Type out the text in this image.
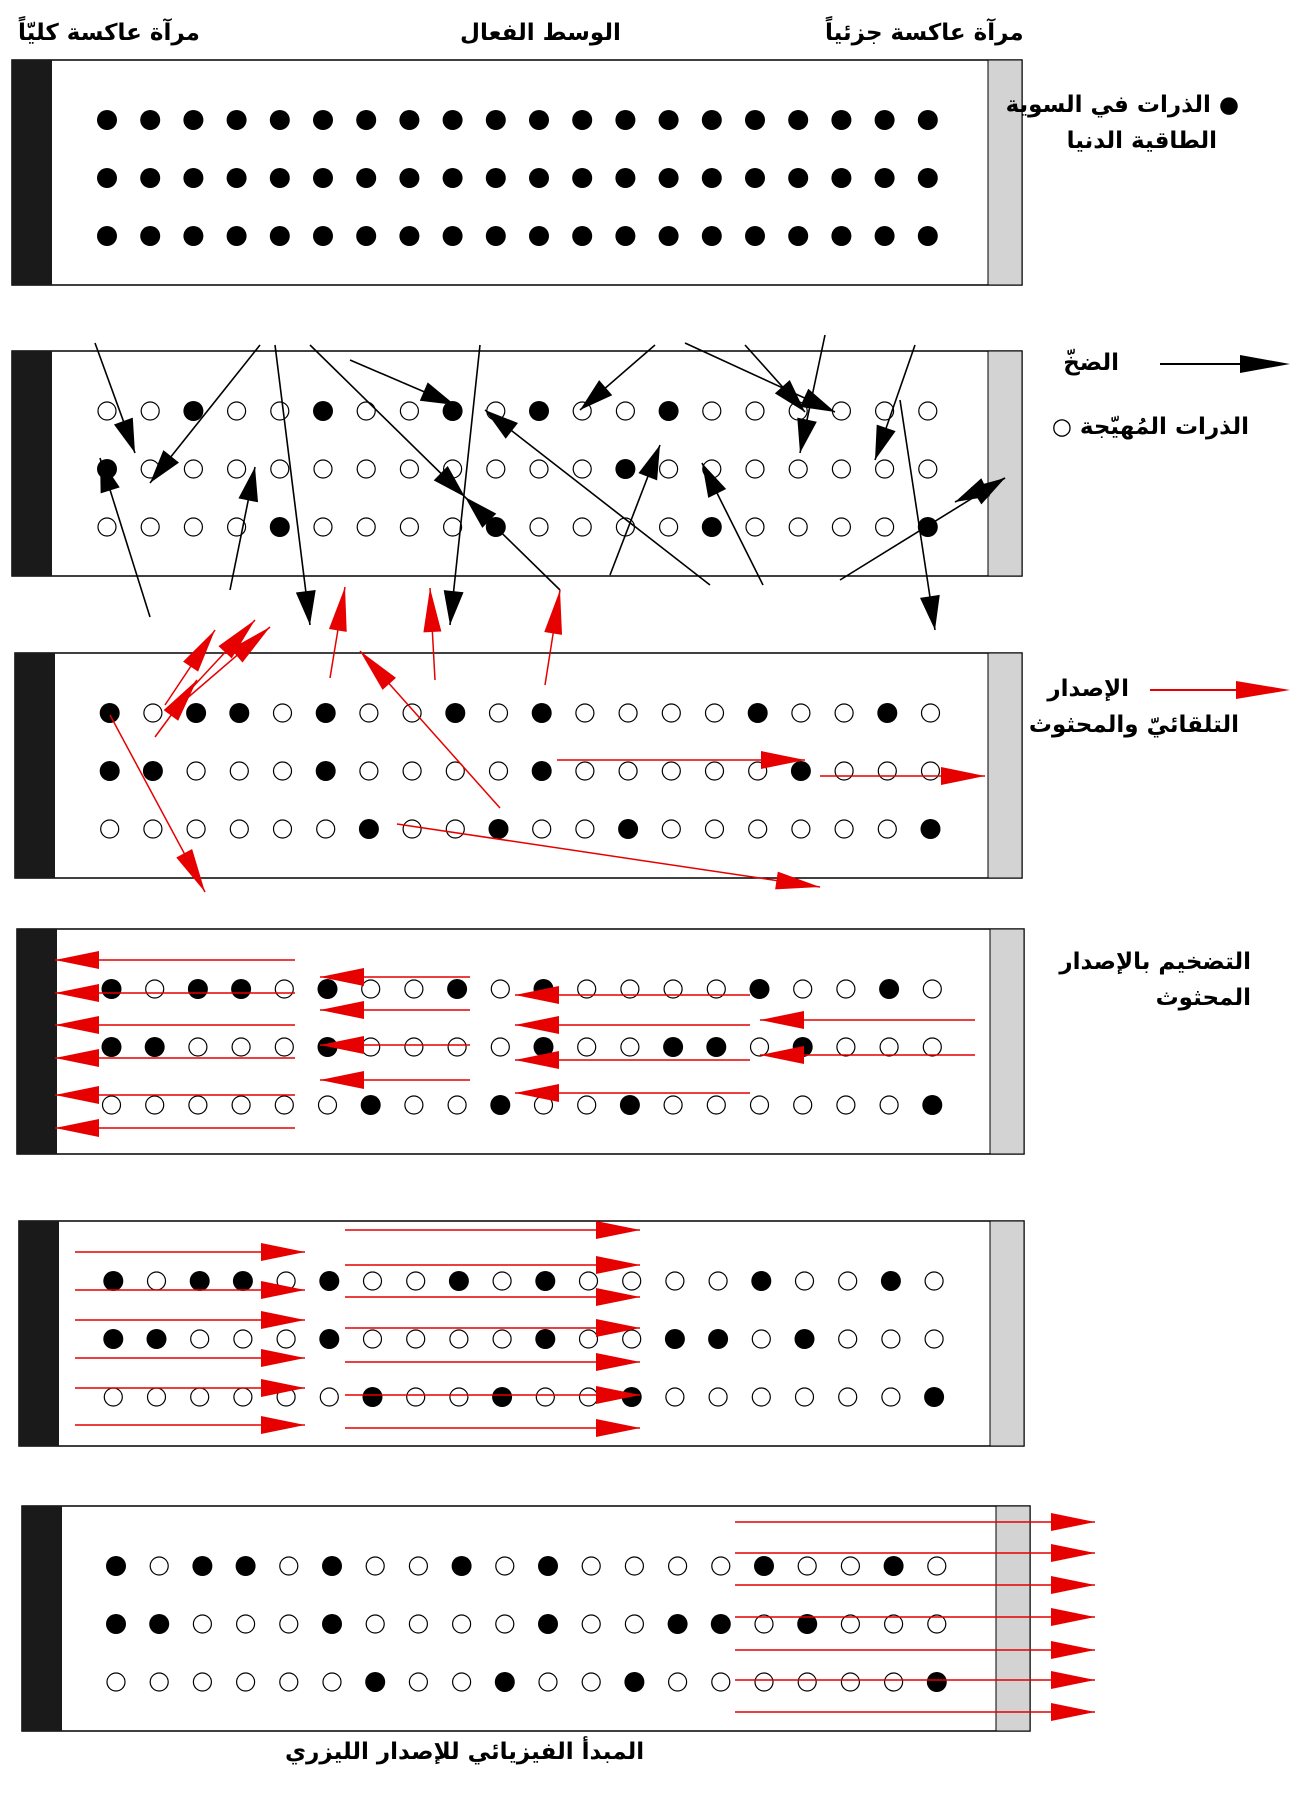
مرآة عاكسة كليّاً	الوسط الفعال	مرآة عاكسة جزئياً
● الذرات في السوية
الطاقية الدنيا
الضخّ
الذرات المُهيّجة ○
الإصدار
التلقائيّ والمحثوث
التضخيم بالإصدار
المحثوث
المبدأ الفيزيائي للإصدار الليزري
